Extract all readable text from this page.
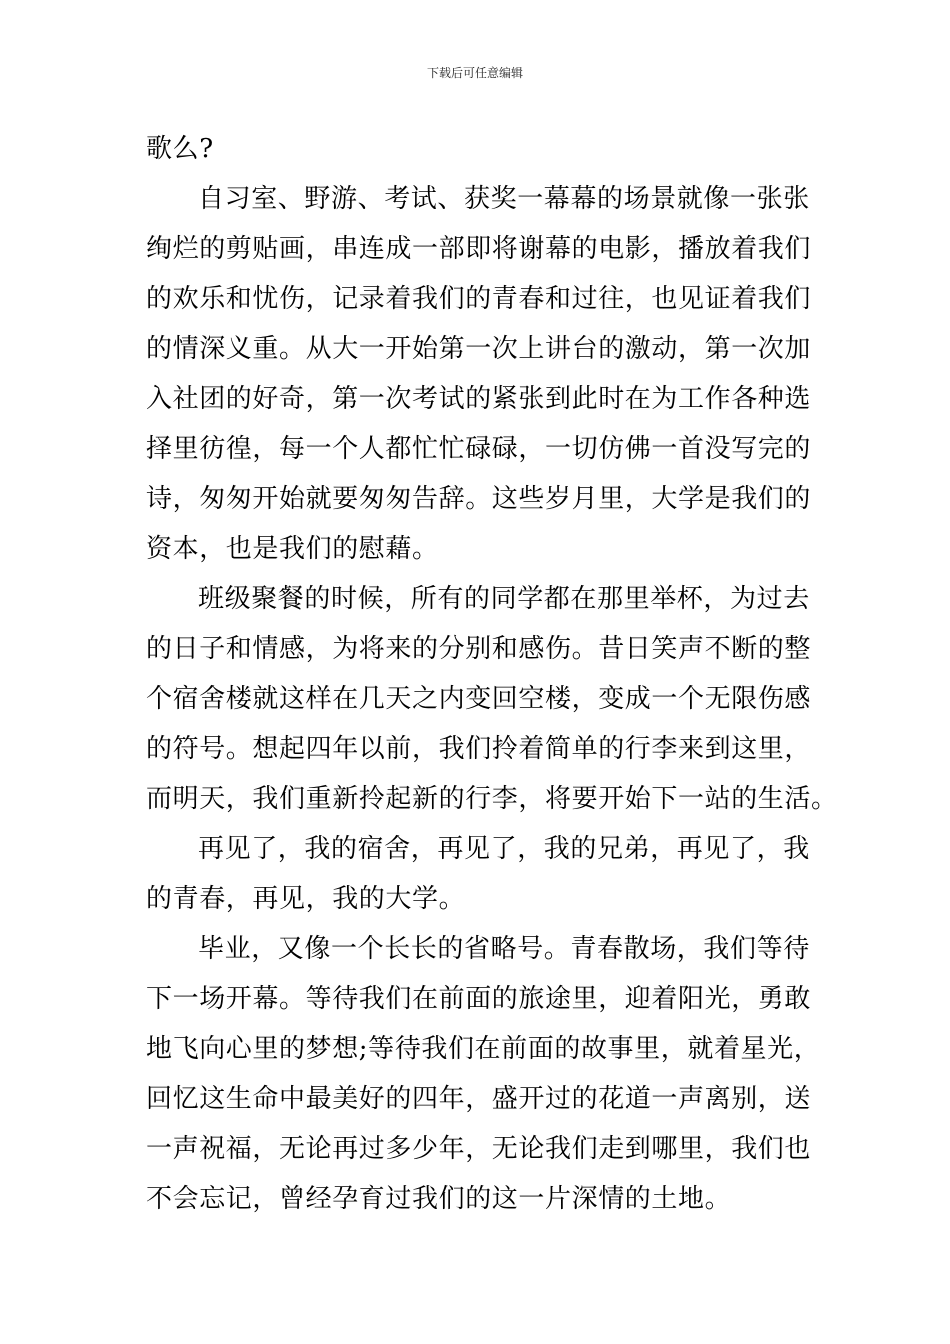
下载后可任意编辑
歌么?
自习室、野游、考试、获奖一幕幕的场景就像一张张
绚烂的剪贴画，串连成一部即将谢幕的电影，播放着我们
的欢乐和忧伤，记录着我们的青春和过往，也见证着我们
的情深义重。从大一开始第一次上讲台的激动，第一次加
入社团的好奇，第一次考试的紧张到此时在为工作各种选
择里彷徨，每一个人都忙忙碌碌，一切仿佛一首没写完的
诗，匆匆开始就要匆匆告辞。这些岁月里，大学是我们的
资本，也是我们的慰藉。
班级聚餐的时候，所有的同学都在那里举杯，为过去
的日子和情感，为将来的分别和感伤。昔日笑声不断的整
个宿舍楼就这样在几天之内变回空楼，变成一个无限伤感
的符号。想起四年以前，我们拎着简单的行李来到这里，
而明天，我们重新拎起新的行李，将要开始下一站的生活。
再见了，我的宿舍，再见了，我的兄弟，再见了，我
的青春，再见，我的大学。
毕业，又像一个长长的省略号。青春散场，我们等待
下一场开幕。等待我们在前面的旅途里，迎着阳光，勇敢
地飞向心里的梦想;等待我们在前面的故事里，就着星光，
回忆这生命中最美好的四年，盛开过的花道一声离别，送
一声祝福，无论再过多少年，无论我们走到哪里，我们也
不会忘记，曾经孕育过我们的这一片深情的土地。
